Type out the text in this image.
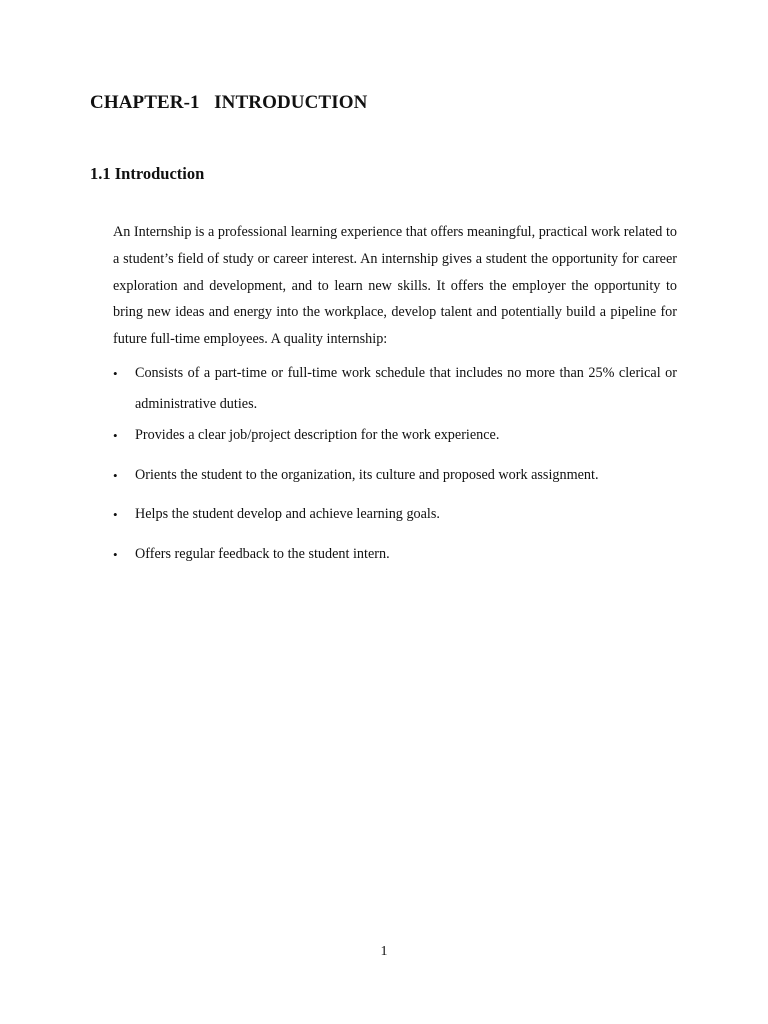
CHAPTER-1   INTRODUCTION
1.1 Introduction

An Internship is a professional learning experience that offers meaningful, practical work related to a student’s field of study or career interest. An internship gives a student the opportunity for career exploration and development, and to learn new skills. It offers the employer the opportunity to bring new ideas and energy into the workplace, develop talent and potentially build a pipeline for future full-time employees. A quality internship:

• Consists of a part-time or full-time work schedule that includes no more than 25% clerical or administrative duties.
• Provides a clear job/project description for the work experience.
• Orients the student to the organization, its culture and proposed work assignment.
• Helps the student develop and achieve learning goals.
• Offers regular feedback to the student intern.
1
